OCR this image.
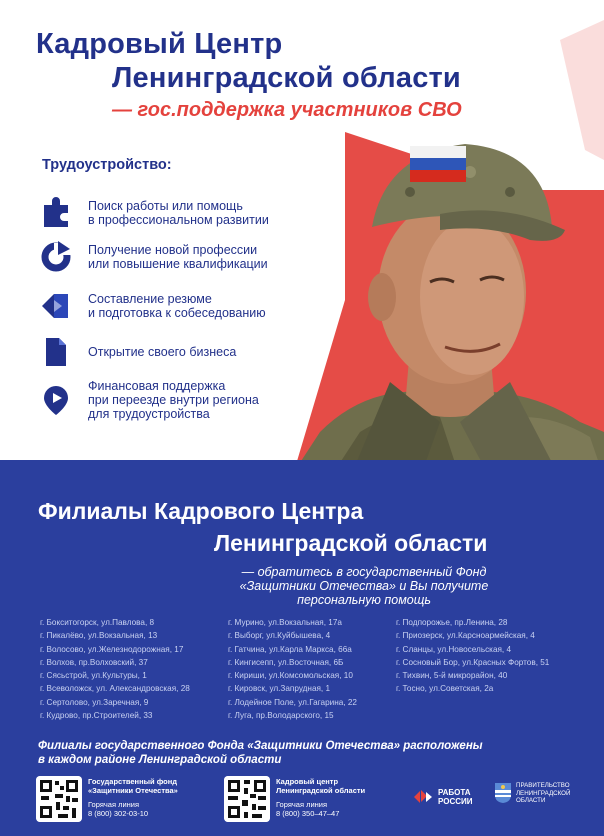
Кадровый Центр
Ленинградской области
— гос.поддержка участников СВО
Трудоустройство:
Поиск работы или помощь
в профессиональном развитии
Получение новой профессии
или повышение квалификации
Составление резюме
и подготовка к собеседованию
Открытие своего бизнеса
Финансовая поддержка
при переезде внутри региона
для трудоустройства
Филиалы Кадрового Центра
Ленинградской области
— обратитесь в государственный Фонд
«Защитники Отечества» и Вы получите
персональную помощь
г. Бокситогорск, ул.Павлова, 8
г. Пикалёво, ул.Вокзальная, 13
г. Волосово, ул.Железнодорожная, 17
г. Волхов, пр.Волховский, 37
г. Сясьстрой, ул.Культуры, 1
г. Всеволожск, ул. Александровская, 28
г. Сертолово, ул.Заречная, 9
г. Кудрово, пр.Строителей, 33
г. Мурино, ул.Вокзальная, 17а
г. Выборг, ул.Куйбышева, 4
г. Гатчина, ул.Карла Маркса, 66а
г. Кингисепп, ул.Восточная, 6Б
г. Кириши, ул.Комсомольская, 10
г. Кировск, ул.Запрудная, 1
г. Лодейное Поле, ул.Гагарина, 22
г. Луга, пр.Володарского, 15
г. Подпорожье, пр.Ленина, 28
г. Приозерск, ул.Карсноармейская, 4
г. Сланцы, ул.Новосельская, 4
г. Сосновый Бор, ул.Красных Фортов, 51
г. Тихвин, 5-й микрорайон, 40
г. Тосно, ул.Советская, 2а
Филиалы государственного Фонда «Защитники Отечества» расположены
в каждом районе Ленинградской области
Государственный фонд
«Защитники Отечества»
Горячая линия
8 (800) 302-03-10
Кадровый центр
Ленинградской области
Горячая линия
8 (800) 350–47–47
РАБОТА
РОССИИ
ПРАВИТЕЛЬСТВО
ЛЕНИНГРАДСКОЙ
ОБЛАСТИ
